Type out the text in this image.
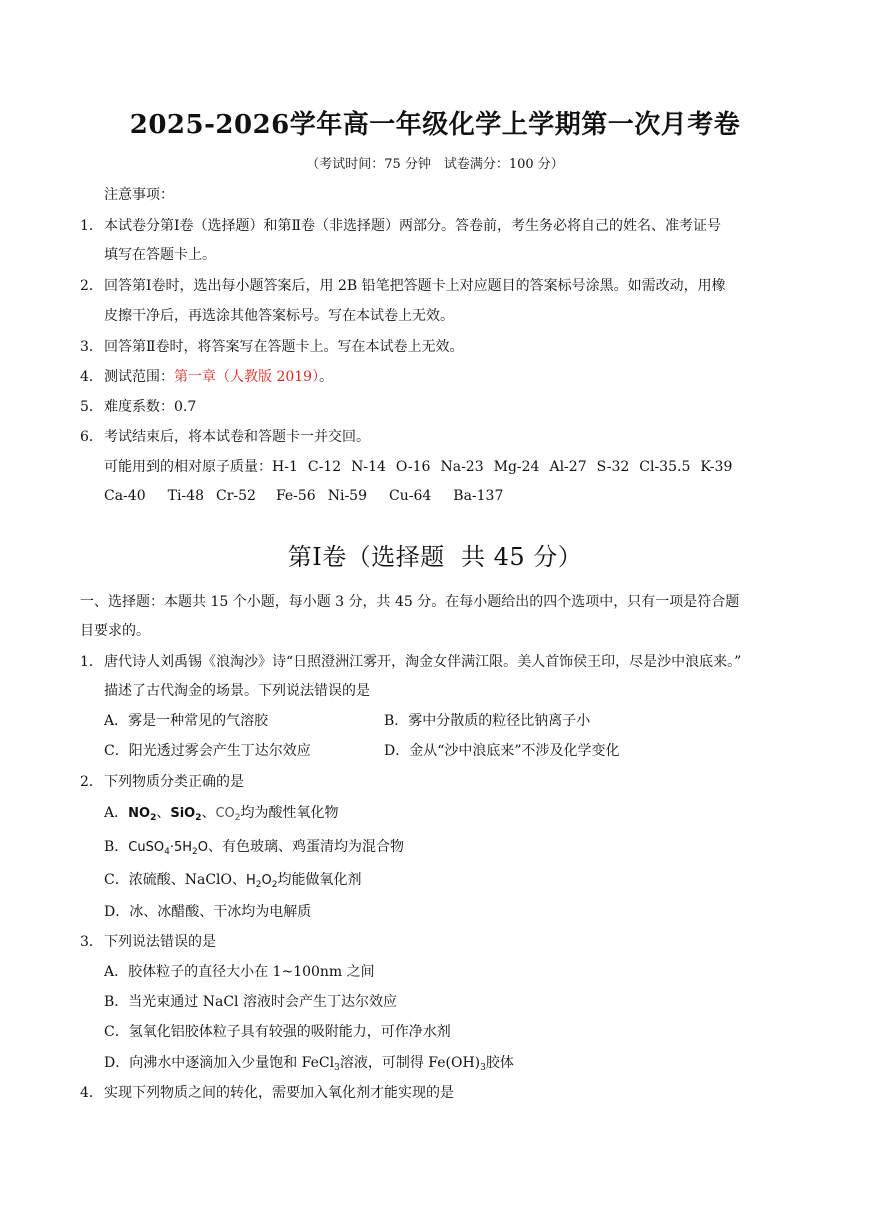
2025-2026学年高一年级化学上学期第一次月考卷
（考试时间：75 分钟　试卷满分：100 分）
注意事项：
1． 本试卷分第Ⅰ卷（选择题）和第Ⅱ卷（非选择题）两部分。答卷前，考生务必将自己的姓名、准考证号
填写在答题卡上。
2． 回答第Ⅰ卷时，选出每小题答案后，用 2B 铅笔把答题卡上对应题目的答案标号涂黑。如需改动，用橡
皮擦干净后，再选涂其他答案标号。写在本试卷上无效。
3． 回答第Ⅱ卷时，将答案写在答题卡上。写在本试卷上无效。
4． 测试范围：第一章（人教版 2019）。
5． 难度系数：0.7
6． 考试结束后，将本试卷和答题卡一并交回。
可能用到的相对原子质量：H-1 C-12 N-14 O-16 Na-23 Mg-24 Al-27 S-32 Cl-35.5 K-39
Ca-40 Ti-48 Cr-52 Fe-56 Ni-59 Cu-64 Ba-137
第Ⅰ卷（选择题  共 45 分）
一、选择题：本题共 15 个小题，每小题 3 分，共 45 分。在每小题给出的四个选项中，只有一项是符合题
目要求的。
1． 唐代诗人刘禹锡《浪淘沙》诗“日照澄洲江雾开，淘金女伴满江限。美人首饰侯王印，尽是沙中浪底来。”
描述了古代淘金的场景。下列说法错误的是
A．雾是一种常见的气溶胶	B．雾中分散质的粒径比钠离子小
C．阳光透过雾会产生丁达尔效应	D．金从“沙中浪底来”不涉及化学变化
2． 下列物质分类正确的是
A．$NO_2$、SiO$_2$、$CO_2$均为酸性氧化物
B．$CuSO_4\cdot 5H_2O$、有色玻璃、鸡蛋清均为混合物
C．浓硫酸、NaClO、$H_2O_2$均能做氧化剂
D．冰、冰醋酸、干冰均为电解质
3． 下列说法错误的是
A．胶体粒子的直径大小在 1~100nm 之间
B．当光束通过 NaCl 溶液时会产生丁达尔效应
C．氢氧化铝胶体粒子具有较强的吸附能力，可作净水剂
D．向沸水中逐滴加入少量饱和 FeCl$_3$溶液，可制得 $Fe(OH)_3$胶体
4． 实现下列物质之间的转化，需要加入氧化剂才能实现的是
